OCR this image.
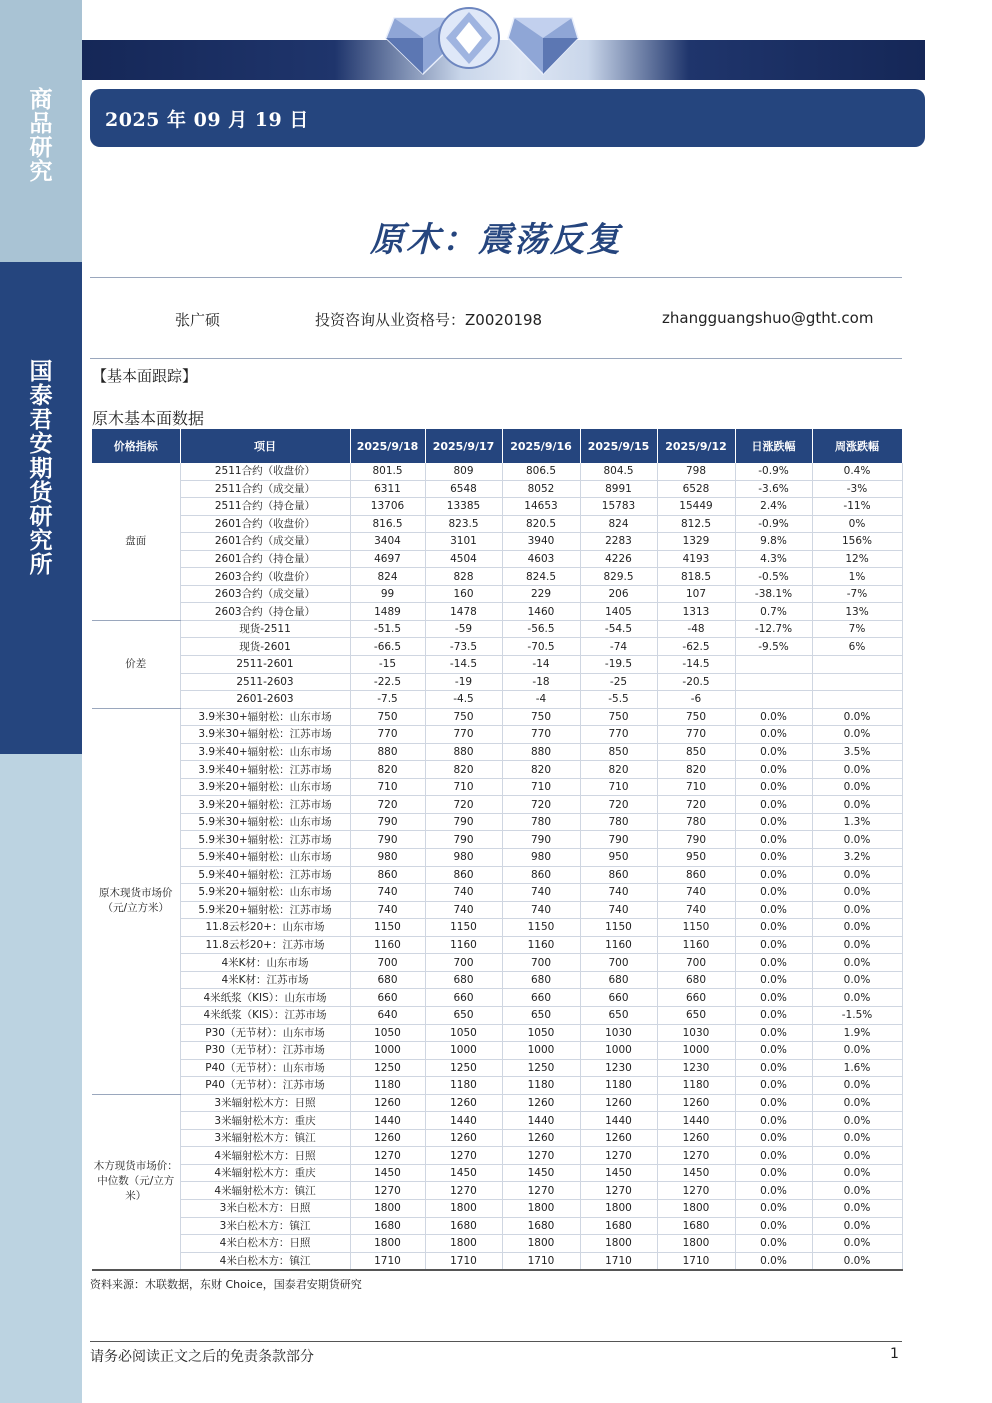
商
品
研
究
国
泰
君
安
期
货
研
究
所
2025 年 09 月 19 日
原木：震荡反复
张广硕	投资咨询从业资格号：Z0020198	zhangguangshuo@gtht.com
【基本面跟踪】
原木基本面数据
价格指标	项目	2025/9/18	2025/9/17	2025/9/16	2025/9/15	2025/9/12	日涨跌幅	周涨跌幅
盘面	2511合约（收盘价）	801.5	809	806.5	804.5	798	-0.9%	0.4%
	2511合约（成交量）	6311	6548	8052	8991	6528	-3.6%	-3%
	2511合约（持仓量）	13706	13385	14653	15783	15449	2.4%	-11%
	2601合约（收盘价）	816.5	823.5	820.5	824	812.5	-0.9%	0%
	2601合约（成交量）	3404	3101	3940	2283	1329	9.8%	156%
	2601合约（持仓量）	4697	4504	4603	4226	4193	4.3%	12%
	2603合约（收盘价）	824	828	824.5	829.5	818.5	-0.5%	1%
	2603合约（成交量）	99	160	229	206	107	-38.1%	-7%
	2603合约（持仓量）	1489	1478	1460	1405	1313	0.7%	13%
价差	现货-2511	-51.5	-59	-56.5	-54.5	-48	-12.7%	7%
	现货-2601	-66.5	-73.5	-70.5	-74	-62.5	-9.5%	6%
	2511-2601	-15	-14.5	-14	-19.5	-14.5		
	2511-2603	-22.5	-19	-18	-25	-20.5		
	2601-2603	-7.5	-4.5	-4	-5.5	-6		
原木现货市场价（元/立方米）	3.9米30+辐射松：山东市场	750	750	750	750	750	0.0%	0.0%
	3.9米30+辐射松：江苏市场	770	770	770	770	770	0.0%	0.0%
	3.9米40+辐射松：山东市场	880	880	880	850	850	0.0%	3.5%
	3.9米40+辐射松：江苏市场	820	820	820	820	820	0.0%	0.0%
	3.9米20+辐射松：山东市场	710	710	710	710	710	0.0%	0.0%
	3.9米20+辐射松：江苏市场	720	720	720	720	720	0.0%	0.0%
	5.9米30+辐射松：山东市场	790	790	780	780	780	0.0%	1.3%
	5.9米30+辐射松：江苏市场	790	790	790	790	790	0.0%	0.0%
	5.9米40+辐射松：山东市场	980	980	980	950	950	0.0%	3.2%
	5.9米40+辐射松：江苏市场	860	860	860	860	860	0.0%	0.0%
	5.9米20+辐射松：山东市场	740	740	740	740	740	0.0%	0.0%
	5.9米20+辐射松：江苏市场	740	740	740	740	740	0.0%	0.0%
	11.8云杉20+：山东市场	1150	1150	1150	1150	1150	0.0%	0.0%
	11.8云杉20+：江苏市场	1160	1160	1160	1160	1160	0.0%	0.0%
	4米K材：山东市场	700	700	700	700	700	0.0%	0.0%
	4米K材：江苏市场	680	680	680	680	680	0.0%	0.0%
	4米纸浆（KIS）：山东市场	660	660	660	660	660	0.0%	0.0%
	4米纸浆（KIS）：江苏市场	640	650	650	650	650	0.0%	-1.5%
	P30（无节材）：山东市场	1050	1050	1050	1030	1030	0.0%	1.9%
	P30（无节材）：江苏市场	1000	1000	1000	1000	1000	0.0%	0.0%
	P40（无节材）：山东市场	1250	1250	1250	1230	1230	0.0%	1.6%
	P40（无节材）：江苏市场	1180	1180	1180	1180	1180	0.0%	0.0%
木方现货市场价：中位数（元/立方米）	3米辐射松木方：日照	1260	1260	1260	1260	1260	0.0%	0.0%
	3米辐射松木方：重庆	1440	1440	1440	1440	1440	0.0%	0.0%
	3米辐射松木方：镇江	1260	1260	1260	1260	1260	0.0%	0.0%
	4米辐射松木方：日照	1270	1270	1270	1270	1270	0.0%	0.0%
	4米辐射松木方：重庆	1450	1450	1450	1450	1450	0.0%	0.0%
	4米辐射松木方：镇江	1270	1270	1270	1270	1270	0.0%	0.0%
	3米白松木方：日照	1800	1800	1800	1800	1800	0.0%	0.0%
	3米白松木方：镇江	1680	1680	1680	1680	1680	0.0%	0.0%
	4米白松木方：日照	1800	1800	1800	1800	1800	0.0%	0.0%
	4米白松木方：镇江	1710	1710	1710	1710	1710	0.0%	0.0%
资料来源：木联数据，东财 Choice，国泰君安期货研究
请务必阅读正文之后的免责条款部分	1
